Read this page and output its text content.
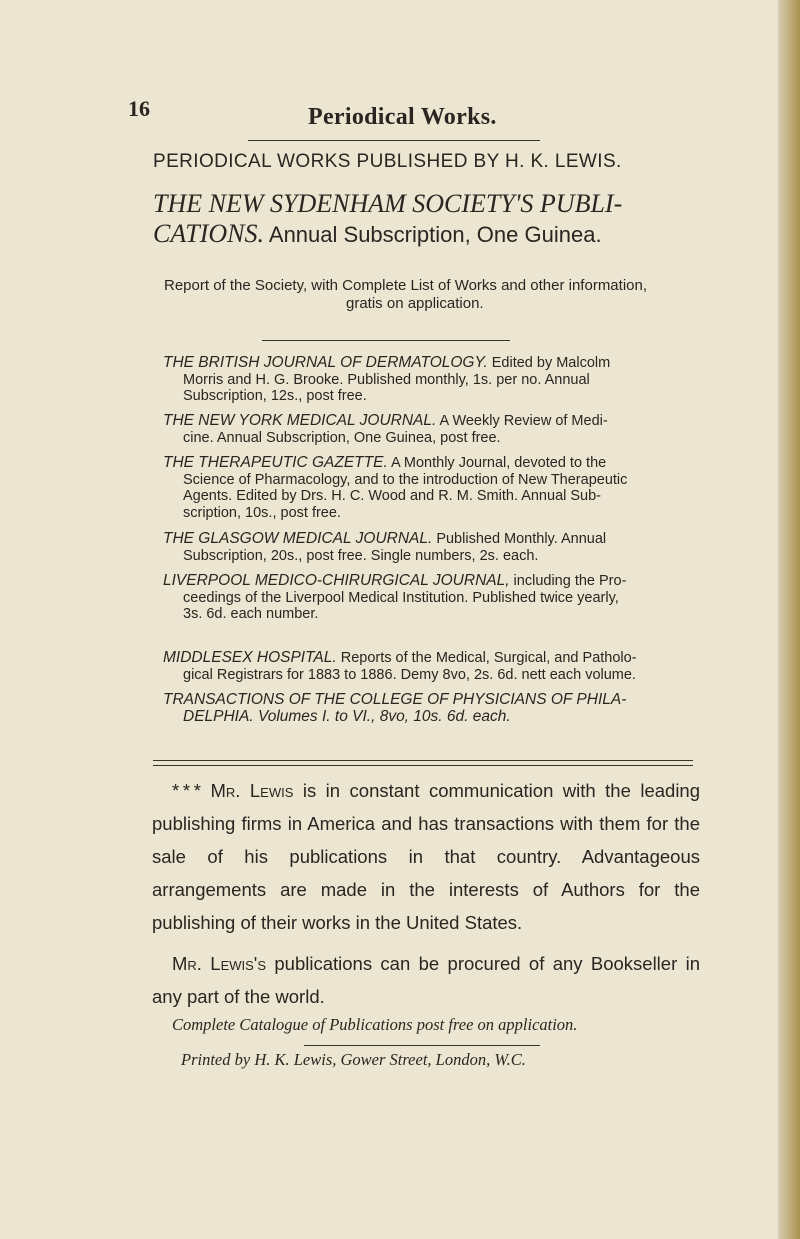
16	Periodical Works.
PERIODICAL WORKS PUBLISHED BY H. K. LEWIS.
THE NEW SYDENHAM SOCIETY'S PUBLI-
CATIONS. Annual Subscription, One Guinea.
Report of the Society, with Complete List of Works and other information,
gratis on application.
THE BRITISH JOURNAL OF DERMATOLOGY. Edited by Malcolm
Morris and H. G. Brooke. Published monthly, 1s. per no. Annual
Subscription, 12s., post free.
THE NEW YORK MEDICAL JOURNAL. A Weekly Review of Medi-
cine. Annual Subscription, One Guinea, post free.
THE THERAPEUTIC GAZETTE. A Monthly Journal, devoted to the
Science of Pharmacology, and to the introduction of New Therapeutic
Agents. Edited by Drs. H. C. Wood and R. M. Smith. Annual Sub-
scription, 10s., post free.
THE GLASGOW MEDICAL JOURNAL. Published Monthly. Annual
Subscription, 20s., post free. Single numbers, 2s. each.
LIVERPOOL MEDICO-CHIRURGICAL JOURNAL, including the Pro-
ceedings of the Liverpool Medical Institution. Published twice yearly,
3s. 6d. each number.
MIDDLESEX HOSPITAL. Reports of the Medical, Surgical, and Patholo-
gical Registrars for 1883 to 1886. Demy 8vo, 2s. 6d. nett each volume.
TRANSACTIONS OF THE COLLEGE OF PHYSICIANS OF PHILA-
DELPHIA. Volumes I. to VI., 8vo, 10s. 6d. each.

* * * Mr. Lewis is in constant communication with the leading publishing firms in America and has transactions with them for the sale of his publications in that country. Advantageous arrangements are made in the interests of Authors for the publishing of their works in the United States.

Mr. Lewis's publications can be procured of any Bookseller in any part of the world.

Complete Catalogue of Publications post free on application.
Printed by H. K. Lewis, Gower Street, London, W.C.
